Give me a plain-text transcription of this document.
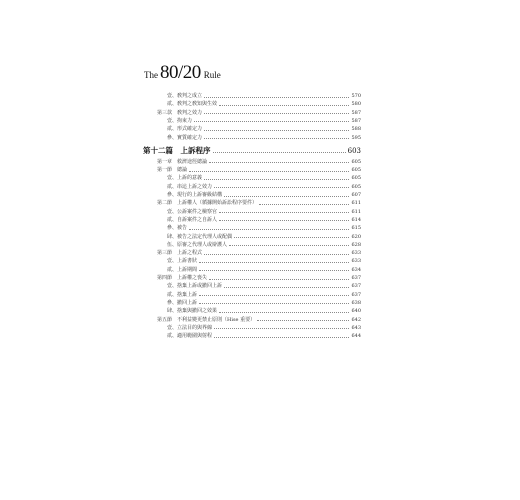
The 80/20 Rule
壹、敎判之成立	570
貳、敎判之敎知與生效	580
第三款　敎判之效力	587
壹、拘束力	587
貳、形式確定力	588
參、實質確定力	595
第十二篇　上訴程序	603
第一章　救濟途徑總論	605
第一節　總論	605
壹、上訴的意義	605
貳、串迠上訴之效力	605
參、現行的上訴審級結構	607
第二節　上訴權人（循據開始訴訟程序要件）	611
壹、公訴案件之檢察官	611
貳、自訴案件之自訴人	614
參、被告	615
肆、被告之法定代理人或配偶	620
伍、原審之代理人或辯護人	628
第三節　上訴之程式	633
壹、上訴書狀	633
貳、上訴期間	634
第四節　上訴權之喪失	637
壹、捨棄上訴或撤回上訴	637
貳、捨棄上訴	637
參、撤回上訴	638
肆、捨棄與撤回之效果	640
第五節　不利益變更禁止原則（Hise 重要）	642
壹、立法目的與界線	643
貳、適用範圍與射程	644
